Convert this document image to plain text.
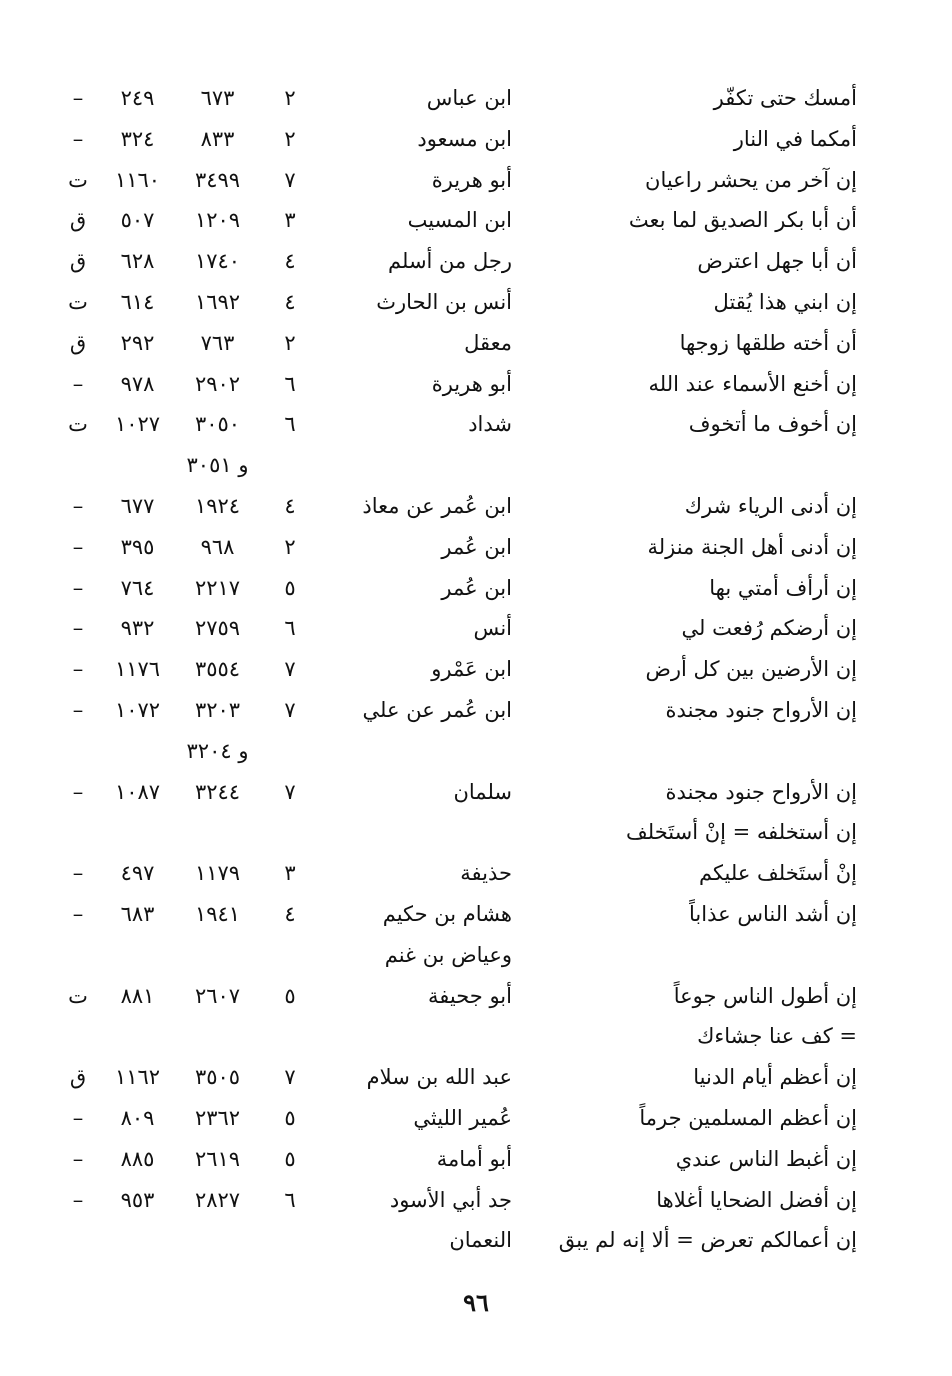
أمسك حتى تكفّر
ابن عباس
٢
٦٧٣
٢٤٩
–
أمكما في النار
ابن مسعود
٢
٨٣٣
٣٢٤
–
إن آخر من يحشر راعيان
أبو هريرة
٧
٣٤٩٩
١١٦٠
ت
أن أبا بكر الصديق لما بعث
ابن المسيب
٣
١٢٠٩
٥٠٧
ق
أن أبا جهل اعترض
رجل من أسلم
٤
١٧٤٠
٦٢٨
ق
إن ابني هذا يُقتل
أنس بن الحارث
٤
١٦٩٢
٦١٤
ت
أن أخته طلقها زوجها
معقل
٢
٧٦٣
٢٩٢
ق
إن أخنع الأسماء عند الله
أبو هريرة
٦
٢٩٠٢
٩٧٨
–
إن أخوف ما أتخوف
شداد
٦
٣٠٥٠
١٠٢٧
ت
و ٣٠٥١
إن أدنى الرياء شرك
ابن عُمر عن معاذ
٤
١٩٢٤
٦٧٧
–
إن أدنى أهل الجنة منزلة
ابن عُمر
٢
٩٦٨
٣٩٥
–
إن أرأف أمتي بها
ابن عُمر
٥
٢٢١٧
٧٦٤
–
إن أرضكم رُفعت لي
أنس
٦
٢٧٥٩
٩٣٢
–
إن الأرضين بين كل أرض
ابن عَمْرو
٧
٣٥٥٤
١١٧٦
–
إن الأرواح جنود مجندة
ابن عُمر عن علي
٧
٣٢٠٣
١٠٧٢
–
و ٣٢٠٤
إن الأرواح جنود مجندة
سلمان
٧
٣٢٤٤
١٠٨٧
–
إن أستخلفه = إنْ أستَخلف
إنْ أستَخلف عليكم
حذيفة
٣
١١٧٩
٤٩٧
–
إن أشد الناس عذاباً
هشام بن حكيم
٤
١٩٤١
٦٨٣
–
وعياض بن غنم
إن أطول الناس جوعاً
أبو جحيفة
٥
٢٦٠٧
٨٨١
ت
= كف عنا جشاءك
إن أعظم أيام الدنيا
عبد الله بن سلام
٧
٣٥٠٥
١١٦٢
ق
إن أعظم المسلمين جرماً
عُمير الليثي
٥
٢٣٦٢
٨٠٩
–
إن أغبط الناس عندي
أبو أمامة
٥
٢٦١٩
٨٨٥
–
إن أفضل الضحايا أغلاها
جد أبي الأسود
٦
٢٨٢٧
٩٥٣
–
إن أعمالكم تعرض = ألا إنه لم يبق
النعمان
٩٦
